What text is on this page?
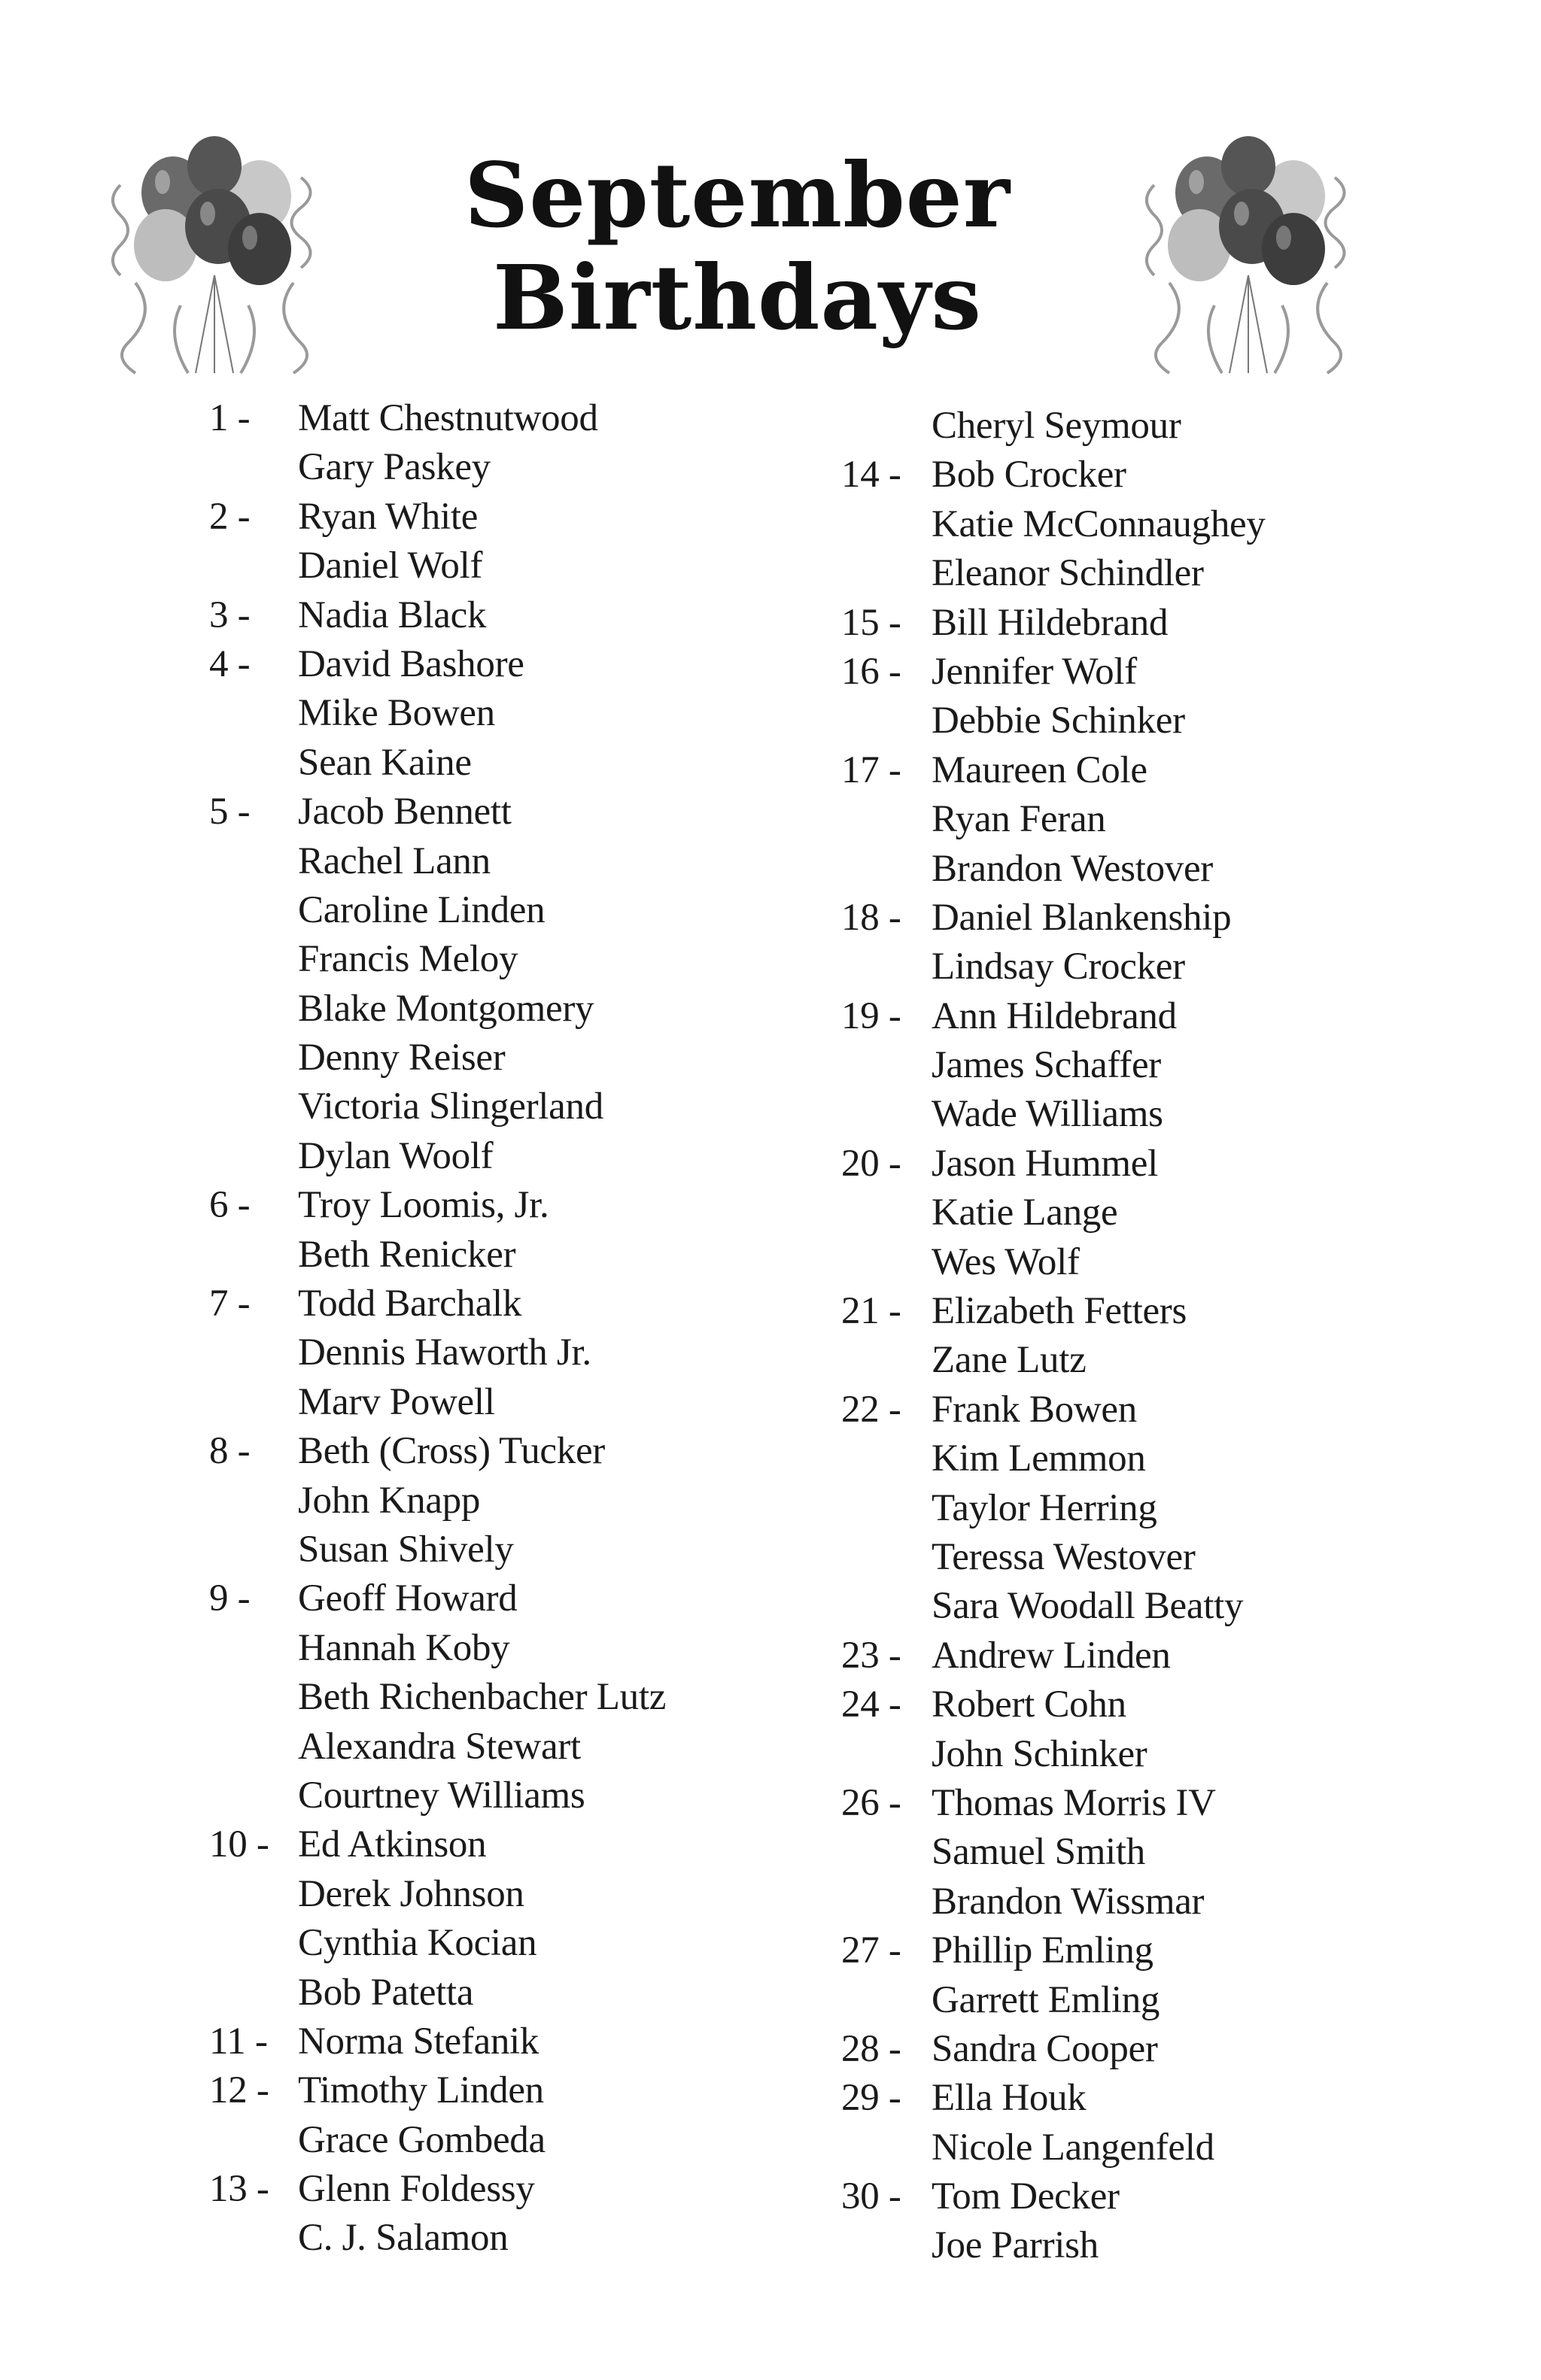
September
Birthdays
1 - Matt Chestnutwood
Gary Paskey
2 - Ryan White
Daniel Wolf
3 - Nadia Black
4 - David Bashore
Mike Bowen
Sean Kaine
5 - Jacob Bennett
Rachel Lann
Caroline Linden
Francis Meloy
Blake Montgomery
Denny Reiser
Victoria Slingerland
Dylan Woolf
6 - Troy Loomis, Jr.
Beth Renicker
7 - Todd Barchalk
Dennis Haworth Jr.
Marv Powell
8 - Beth (Cross) Tucker
John Knapp
Susan Shively
9 - Geoff Howard
Hannah Koby
Beth Richenbacher Lutz
Alexandra Stewart
Courtney Williams
10 - Ed Atkinson
Derek Johnson
Cynthia Kocian
Bob Patetta
11 - Norma Stefanik
12 - Timothy Linden
Grace Gombeda
13 - Glenn Foldessy
C. J. Salamon
Cheryl Seymour
14 - Bob Crocker
Katie McConnaughey
Eleanor Schindler
15 - Bill Hildebrand
16 - Jennifer Wolf
Debbie Schinker
17 - Maureen Cole
Ryan Feran
Brandon Westover
18 - Daniel Blankenship
Lindsay Crocker
19 - Ann Hildebrand
James Schaffer
Wade Williams
20 - Jason Hummel
Katie Lange
Wes Wolf
21 - Elizabeth Fetters
Zane Lutz
22 - Frank Bowen
Kim Lemmon
Taylor Herring
Teressa Westover
Sara Woodall Beatty
23 - Andrew Linden
24 - Robert Cohn
John Schinker
26 - Thomas Morris IV
Samuel Smith
Brandon Wissmar
27 - Phillip Emling
Garrett Emling
28 - Sandra Cooper
29 - Ella Houk
Nicole Langenfeld
30 - Tom Decker
Joe Parrish
